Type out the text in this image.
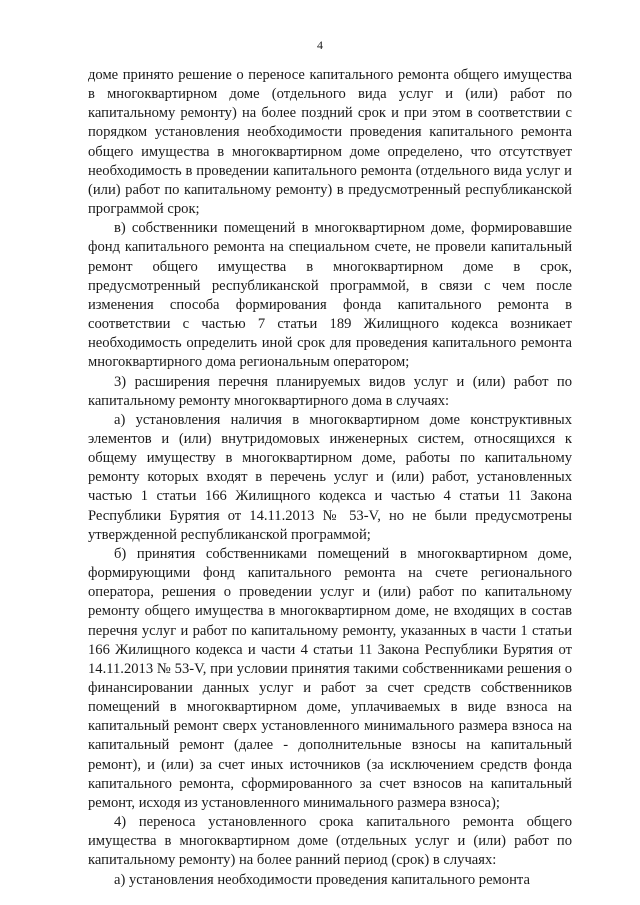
4

доме принято решение о переносе капитального ремонта общего имущества в многоквартирном доме (отдельного вида услуг и (или) работ по капитальному ремонту) на более поздний срок и при этом в соответствии с порядком установления необходимости проведения капитального ремонта общего имущества в многоквартирном доме определено, что отсутствует необходимость в проведении капитального ремонта (отдельного вида услуг и (или) работ по капитальному ремонту) в предусмотренный республиканской программой срок;

в) собственники помещений в многоквартирном доме, формировавшие фонд капитального ремонта на специальном счете, не провели капитальный ремонт общего имущества в многоквартирном доме в срок, предусмотренный республиканской программой, в связи с чем после изменения способа формирования фонда капитального ремонта в соответствии с частью 7 статьи 189 Жилищного кодекса возникает необходимость определить иной срок для проведения капитального ремонта многоквартирного дома региональным оператором;

3) расширения перечня планируемых видов услуг и (или) работ по капитальному ремонту многоквартирного дома в случаях:

а) установления наличия в многоквартирном доме конструктивных элементов и (или) внутридомовых инженерных систем, относящихся к общему имуществу в многоквартирном доме, работы по капитальному ремонту которых входят в перечень услуг и (или) работ, установленных частью 1 статьи 166 Жилищного кодекса и частью 4 статьи 11 Закона Республики Бурятия от 14.11.2013 № 53-V, но не были предусмотрены утвержденной республиканской программой;

б) принятия собственниками помещений в многоквартирном доме, формирующими фонд капитального ремонта на счете регионального оператора, решения о проведении услуг и (или) работ по капитальному ремонту общего имущества в многоквартирном доме, не входящих в состав перечня услуг и работ по капитальному ремонту, указанных в части 1 статьи 166 Жилищного кодекса и части 4 статьи 11 Закона Республики Бурятия от 14.11.2013 № 53-V, при условии принятия такими собственниками решения о финансировании данных услуг и работ за счет средств собственников помещений в многоквартирном доме, уплачиваемых в виде взноса на капитальный ремонт сверх установленного минимального размера взноса на капитальный ремонт (далее - дополнительные взносы на капитальный ремонт), и (или) за счет иных источников (за исключением средств фонда капитального ремонта, сформированного за счет взносов на капитальный ремонт, исходя из установленного минимального размера взноса);

4) переноса установленного срока капитального ремонта общего имущества в многоквартирном доме (отдельных услуг и (или) работ по капитальному ремонту) на более ранний период (срок) в случаях:

а) установления необходимости проведения капитального ремонта
